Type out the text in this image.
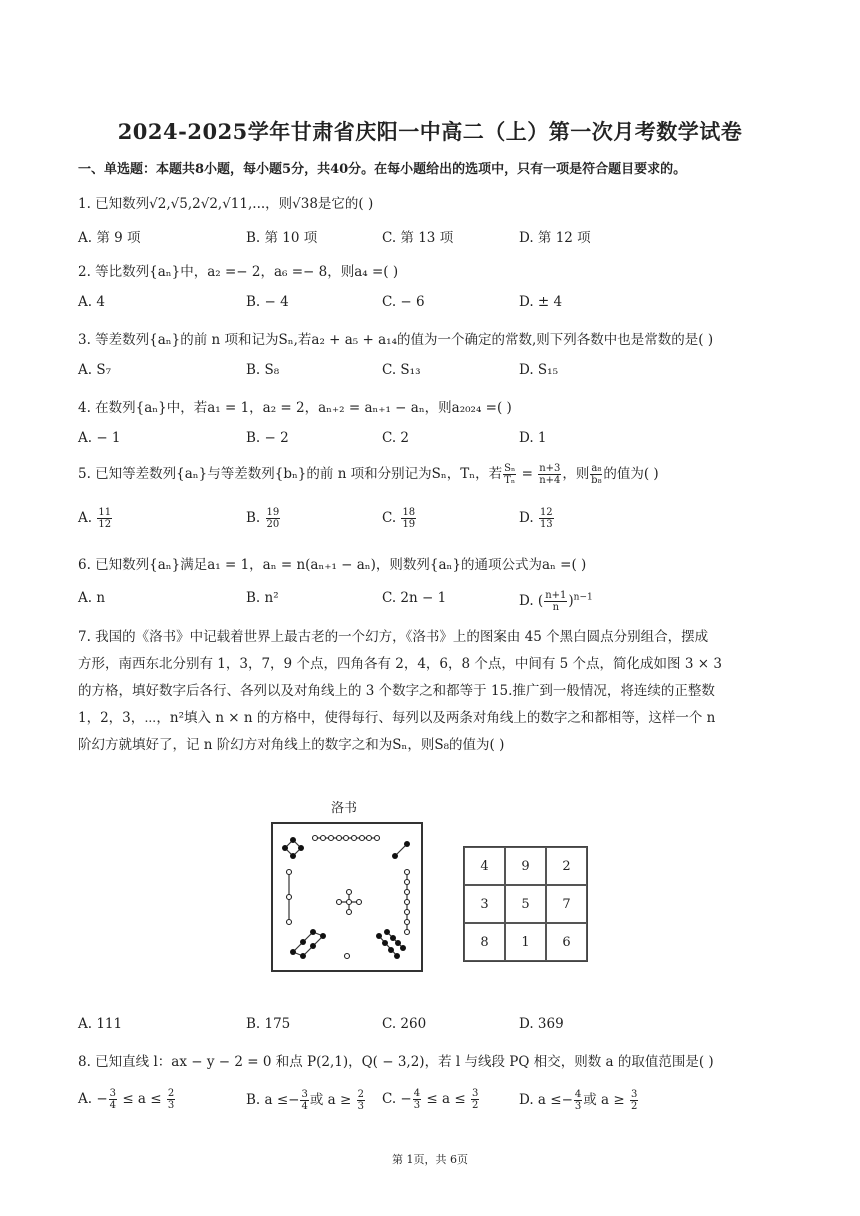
2024-2025学年甘肃省庆阳一中高二（上）第一次月考数学试卷
一、单选题：本题共8小题，每小题5分，共40分。在每小题给出的选项中，只有一项是符合题目要求的。
1. 已知数列√2,√5,2√2,√11,...，则√38是它的( )
A. 第 9 项	B. 第 10 项	C. 第 13 项	D. 第 12 项
2. 等比数列{aₙ}中，a₂ =− 2，a₆ =− 8，则a₄ =( )
A. 4	B. − 4	C. − 6	D. ± 4
3. 等差数列{aₙ}的前 n 项和记为Sₙ,若a₂ + a₅ + a₁₄的值为一个确定的常数,则下列各数中也是常数的是( )
A. S₇	B. S₈	C. S₁₃	D. S₁₅
4. 在数列{aₙ}中，若a₁ = 1，a₂ = 2，aₙ₊₂ = aₙ₊₁ − aₙ，则a₂₀₂₄ =( )
A. − 1	B. − 2	C. 2	D. 1
5. 已知等差数列{aₙ}与等差数列{bₙ}的前 n 项和分别记为Sₙ，Tₙ，若 $\frac{\text{Sₙ}}{\text{Tₙ}} = \frac{n+3}{n+4}$ ，则 $\frac{\text{a₈}}{\text{b₈}}$ 的值为( )
A. $\frac{11}{12}$	B. $\frac{19}{20}$	C. $\frac{18}{19}$	D. $\frac{12}{13}$
6. 已知数列{aₙ}满足a₁ = 1，aₙ = n(aₙ₊₁ − aₙ)，则数列{aₙ}的通项公式为aₙ =( )
A. n	B. n²	C. 2n − 1	D. ( $\frac{n+1}{n} )^{n-1}$
7. 我国的《洛书》中记载着世界上最古老的一个幻方，《洛书》上的图案由 45 个黑白圆点分别组合，摆成
方形，南西东北分别有 1，3，7，9 个点，四角各有 2，4，6，8 个点，中间有 5 个点，简化成如图 3 × 3
的方格，填好数字后各行、各列以及对角线上的 3 个数字之和都等于 15.推广到一般情况，将连续的正整数
1，2，3，⋯，n²填入 n × n 的方格中，使得每行、每列以及两条对角线上的数字之和都相等，这样一个 n
阶幻方就填好了，记 n 阶幻方对角线上的数字之和为Sₙ，则S₈的值为( )
洛书
4	9	2
3	5	7
8	1	6
A. 111	B. 175	C. 260	D. 369
8. 已知直线 l：ax − y − 2 = 0 和点 P(2,1)，Q( − 3,2)，若 l 与线段 PQ 相交，则数 a 的取值范围是( )
A. − $\frac{3}{4} \le a \le \frac{2}{3}$	B. $a \le- \frac{3}{4}$ 或 $a \ge \frac{2}{3} C$. − $\frac{4}{3} \le a \le \frac{3}{2}$	D. $a \le- \frac{4}{3}$ 或 $a \ge \frac{3}{2}$
第 1页，共 6页
